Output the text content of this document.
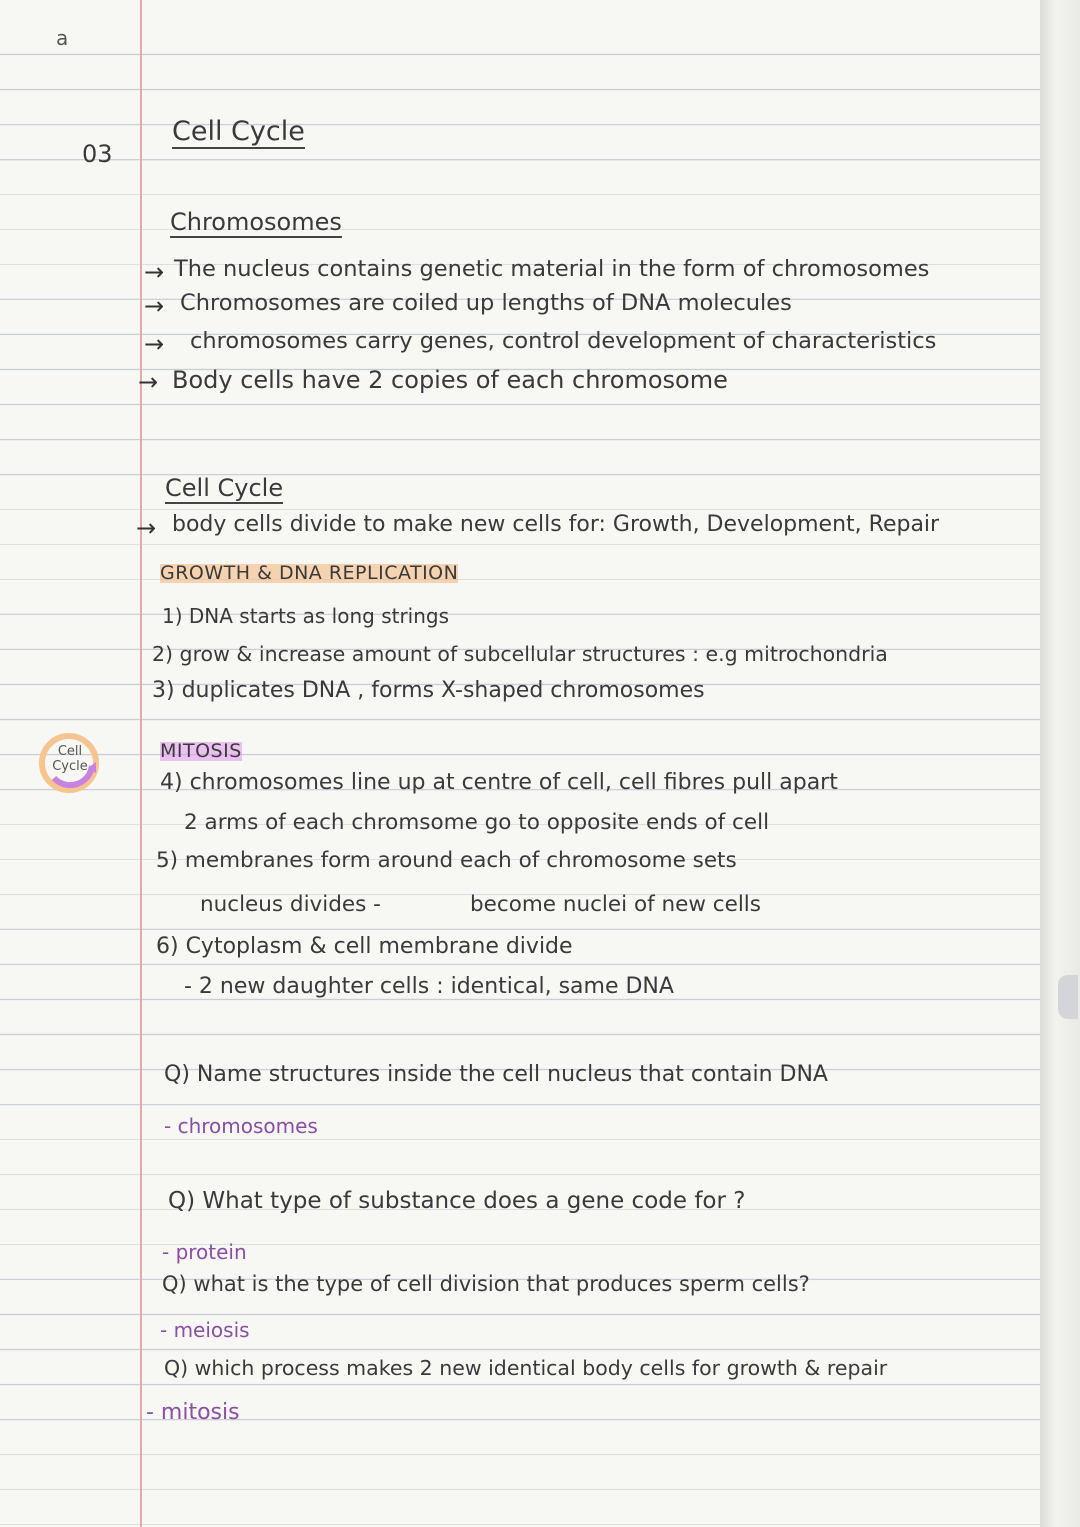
a
03
Cell Cycle
Cell
Cycle
Chromosomes
→ The nucleus contains genetic material in the form of chromosomes
→ Chromosomes are coiled up lengths of DNA molecules
→ chromosomes carry genes, control development of characteristics
→ Body cells have 2 copies of each chromosome
Cell Cycle
→ body cells divide to make new cells for: Growth, Development, Repair
GROWTH & DNA REPLICATION
1) DNA starts as long strings
2) grow & increase amount of subcellular structures : e.g mitrochondria
3) duplicates DNA , forms X-shaped chromosomes
MITOSIS
4) chromosomes line up at centre of cell, cell fibres pull apart
2 arms of each chromsome go to opposite ends of cell
5) membranes form around each of chromosome sets
nucleus divides -	become nuclei of new cells
6) Cytoplasm & cell membrane divide
- 2 new daughter cells : identical, same DNA
Q) Name structures inside the cell nucleus that contain DNA
- chromosomes
Q) What type of substance does a gene code for ?
- protein
Q) what is the type of cell division that produces sperm cells?
- meiosis
Q) which process makes 2 new identical body cells for growth & repair
- mitosis
